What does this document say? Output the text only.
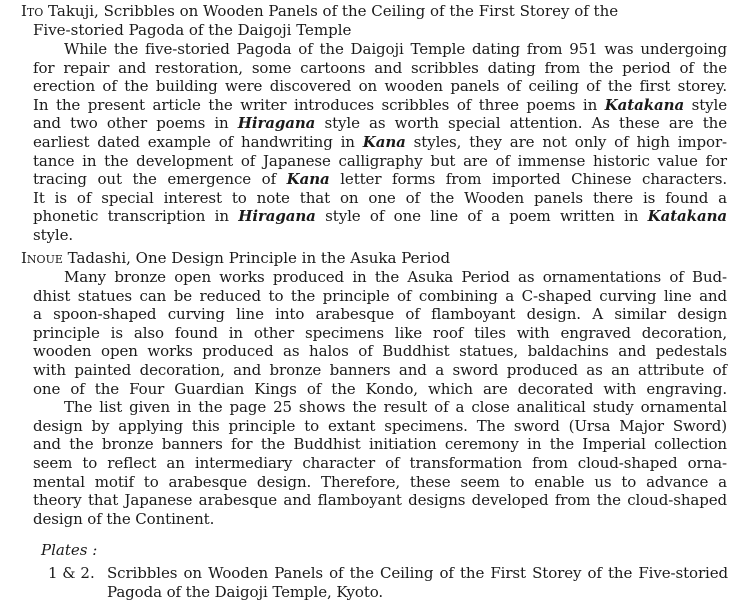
Ito Takuji, Scribbles on Wooden Panels of the Ceiling of the First Storey of the
Five-storied Pagoda of the Daigoji Temple
While the five-storied Pagoda of the Daigoji Temple dating from 951 was undergoing
for repair and restoration, some cartoons and scribbles dating from the period of the
erection of the building were discovered on wooden panels of ceiling of the first storey.
In the present article the writer introduces scribbles of three poems in Katakana style
and two other poems in Hiragana style as worth special attention. As these are the
earliest dated example of handwriting in Kana styles, they are not only of high impor-
tance in the development of Japanese calligraphy but are of immense historic value for
tracing out the emergence of Kana letter forms from imported Chinese characters.
It is of special interest to note that on one of the Wooden panels there is found a
phonetic transcription in Hiragana style of one line of a poem written in Katakana
style.
Inoue Tadashi, One Design Principle in the Asuka Period
Many bronze open works produced in the Asuka Period as ornamentations of Bud-
dhist statues can be reduced to the principle of combining a C-shaped curving line and
a spoon-shaped curving line into arabesque of flamboyant design. A similar design
principle is also found in other specimens like roof tiles with engraved decoration,
wooden open works produced as halos of Buddhist statues, baldachins and pedestals
with painted decoration, and bronze banners and a sword produced as an attribute of
one of the Four Guardian Kings of the Kondo, which are decorated with engraving.
The list given in the page 25 shows the result of a close analitical study ornamental
design by applying this principle to extant specimens. The sword (Ursa Major Sword)
and the bronze banners for the Buddhist initiation ceremony in the Imperial collection
seem to reflect an intermediary character of transformation from cloud-shaped orna-
mental motif to arabesque design. Therefore, these seem to enable us to advance a
theory that Japanese arabesque and flamboyant designs developed from the cloud-shaped
design of the Continent.
Plates :
1 & 2. Scribbles on Wooden Panels of the Ceiling of the First Storey of the Five-storied
Pagoda of the Daigoji Temple, Kyoto.
